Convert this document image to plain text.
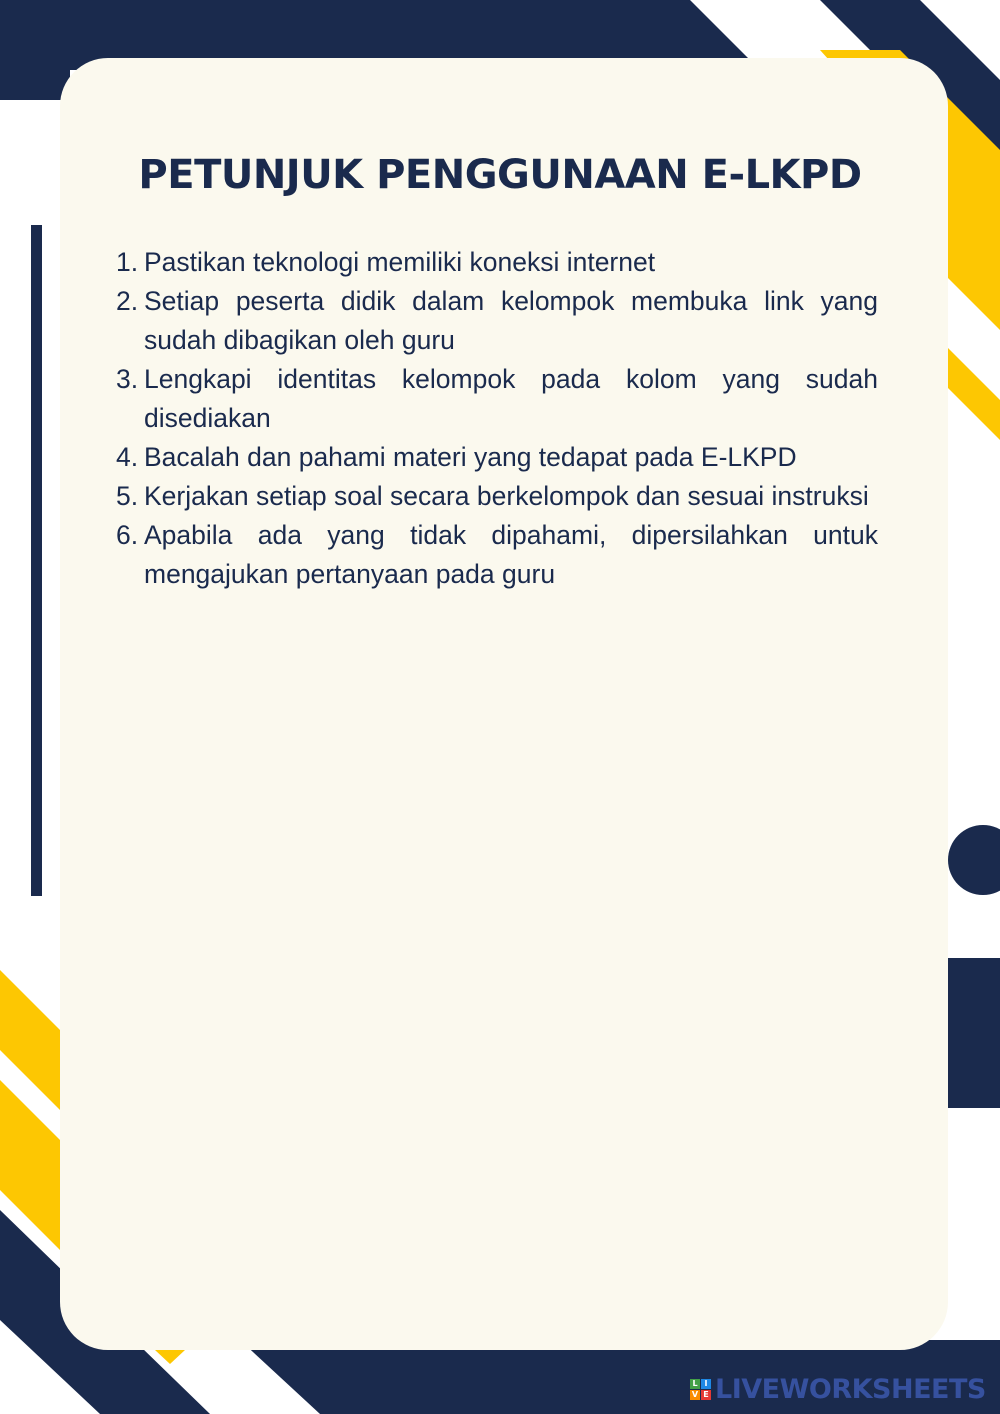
PETUNJUK PENGGUNAAN E-LKPD
1. Pastikan teknologi memiliki koneksi internet
2. Setiap peserta didik dalam kelompok membuka link yang sudah dibagikan oleh guru
3. Lengkapi identitas kelompok pada kolom yang sudah disediakan
4. Bacalah dan pahami materi yang tedapat pada E-LKPD
5. Kerjakan setiap soal secara berkelompok dan sesuai instruksi
6. Apabila ada yang tidak dipahami, dipersilahkan untuk mengajukan pertanyaan pada guru
L I
V E LIVEWORKSHEETS
